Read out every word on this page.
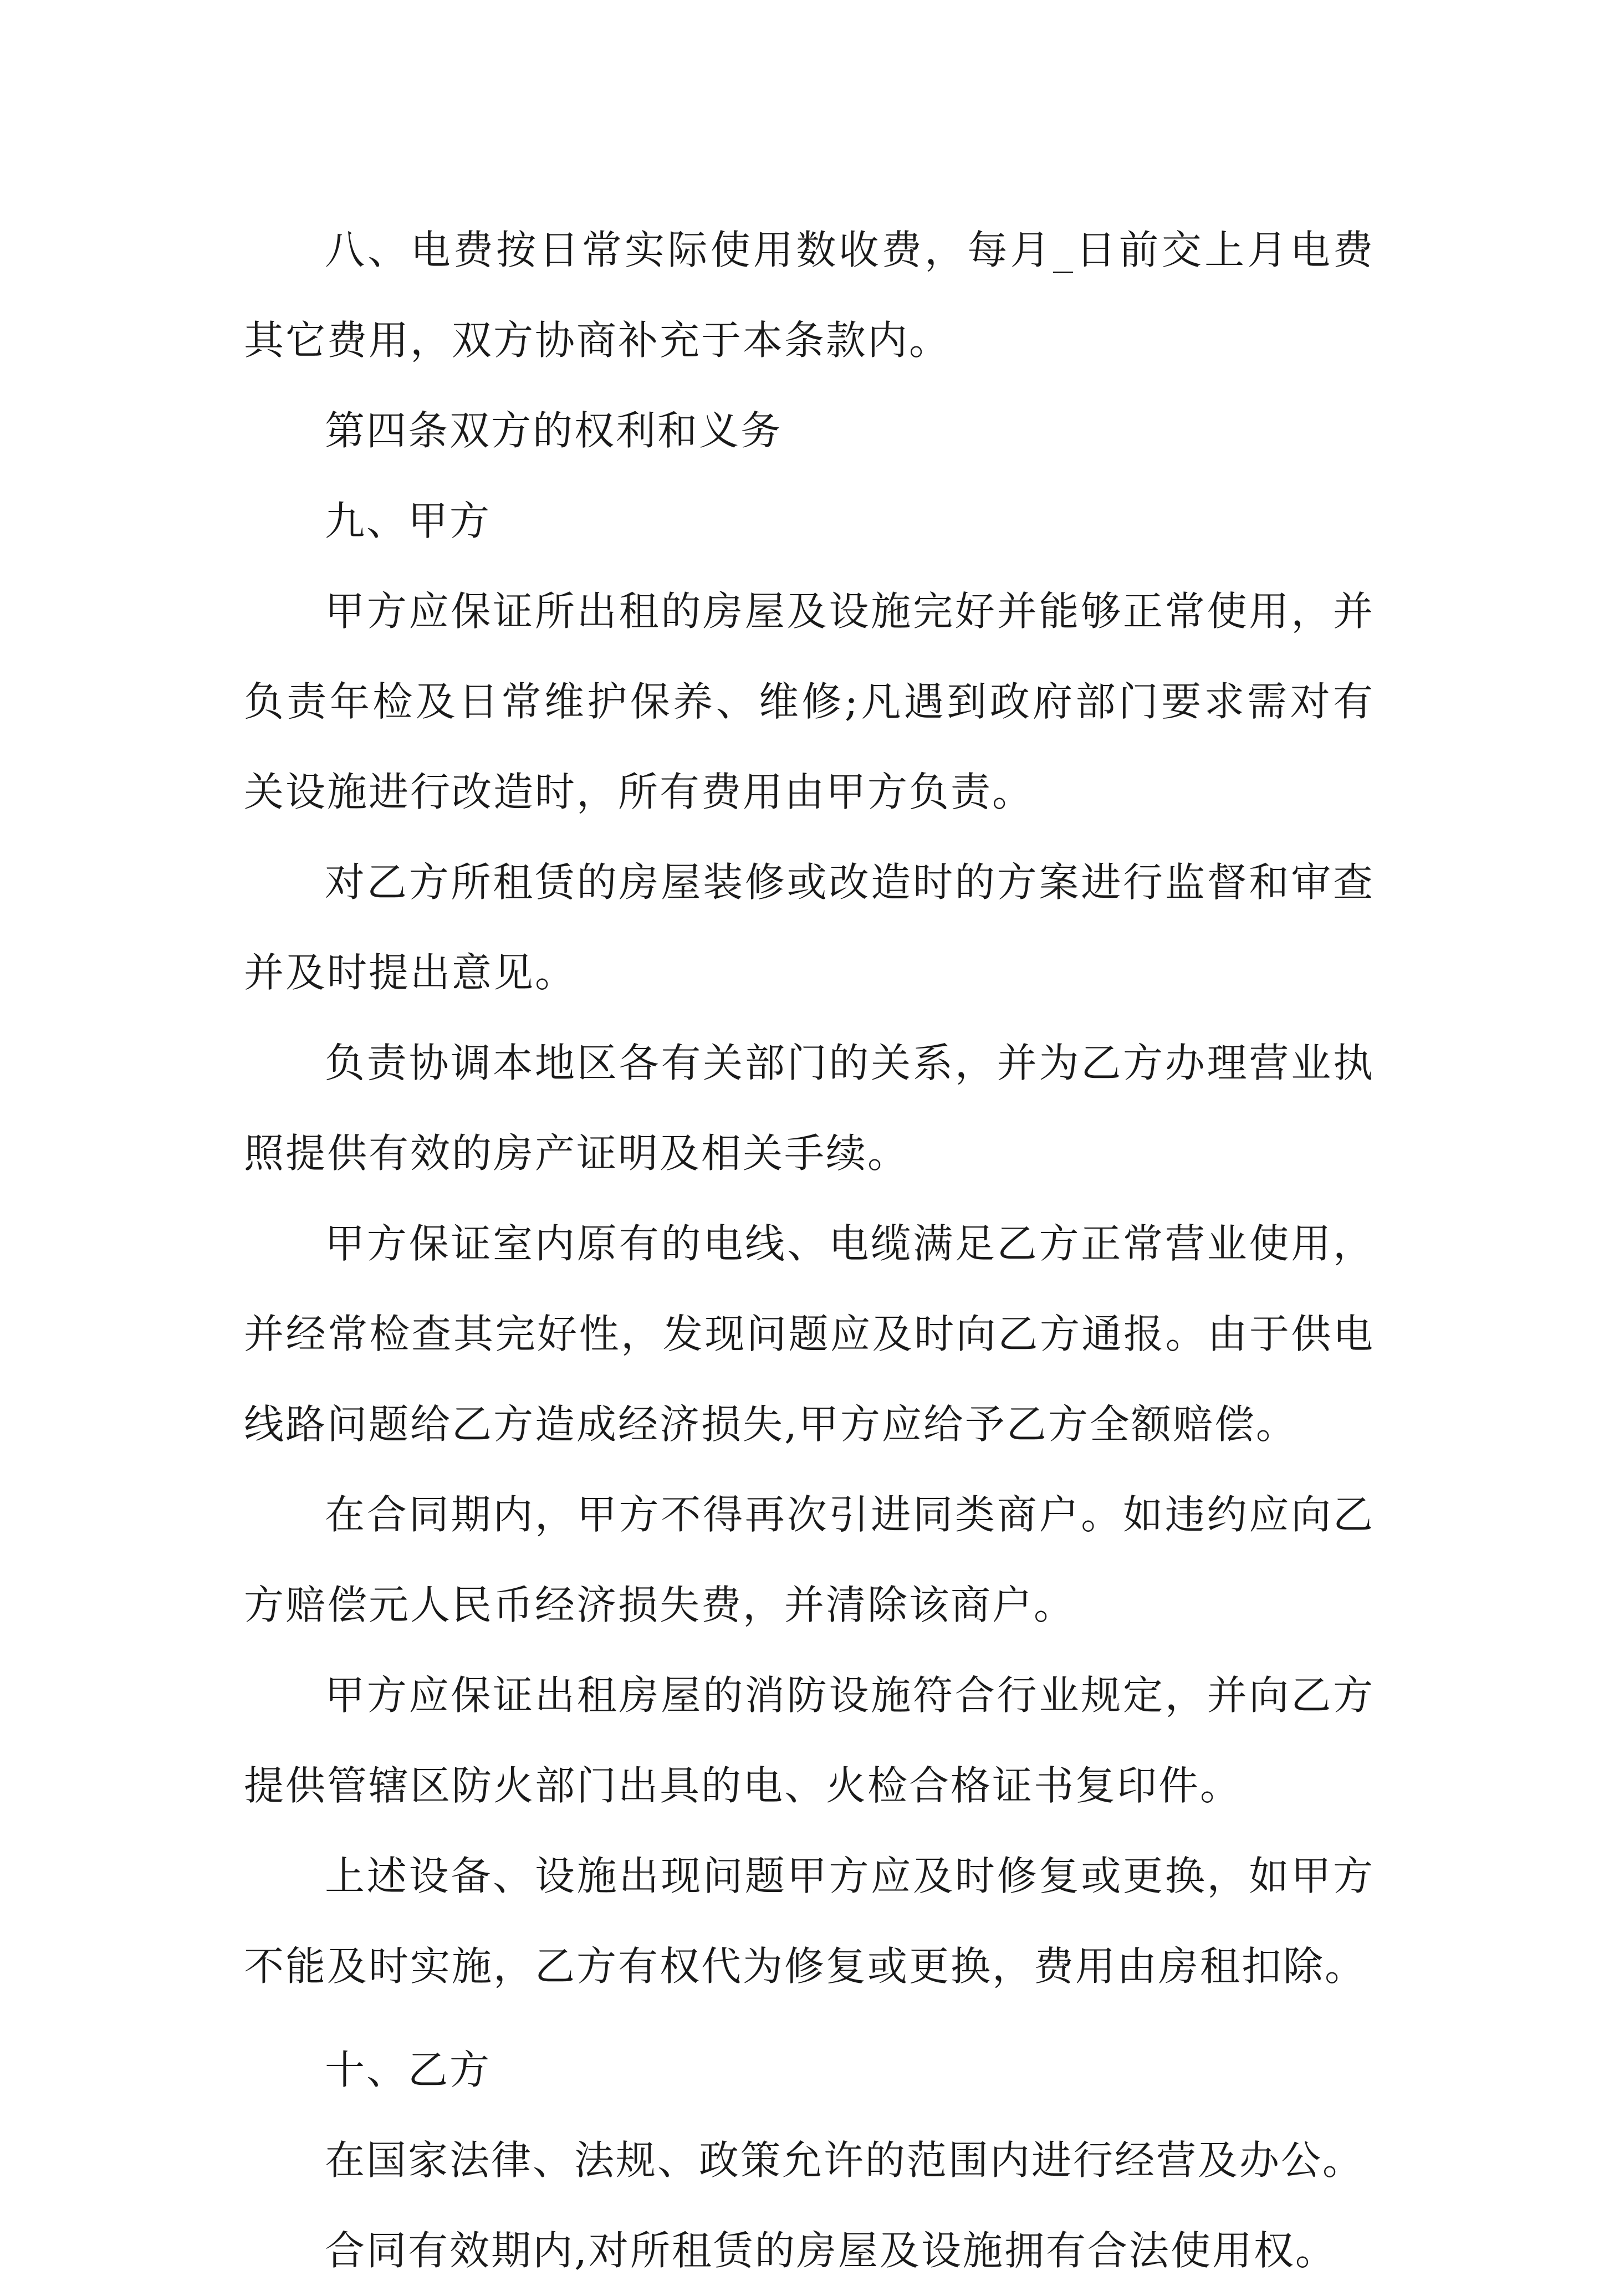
八、电费按日常实际使用数收费，每月_日前交上月电费其它费用，双方协商补充于本条款内。

第四条双方的权利和义务

九、甲方

甲方应保证所出租的房屋及设施完好并能够正常使用，并负责年检及日常维护保养、维修;凡遇到政府部门要求需对有关设施进行改造时，所有费用由甲方负责。

对乙方所租赁的房屋装修或改造时的方案进行监督和审查并及时提出意见。

负责协调本地区各有关部门的关系，并为乙方办理营业执照提供有效的房产证明及相关手续。

甲方保证室内原有的电线、电缆满足乙方正常营业使用，并经常检查其完好性，发现问题应及时向乙方通报。由于供电线路问题给乙方造成经济损失,甲方应给予乙方全额赔偿。

在合同期内，甲方不得再次引进同类商户。如违约应向乙方赔偿元人民币经济损失费，并清除该商户。

甲方应保证出租房屋的消防设施符合行业规定，并向乙方提供管辖区防火部门出具的电、火检合格证书复印件。

上述设备、设施出现问题甲方应及时修复或更换，如甲方不能及时实施，乙方有权代为修复或更换，费用由房租扣除。

十、乙方

在国家法律、法规、政策允许的范围内进行经营及办公。

合同有效期内,对所租赁的房屋及设施拥有合法使用权。
